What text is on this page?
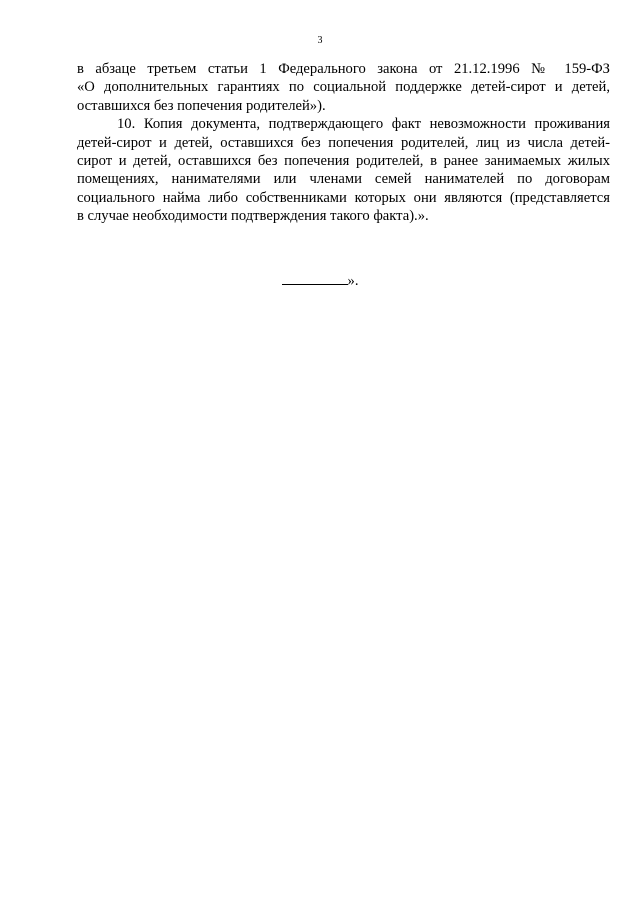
3

в абзаце третьем статьи 1 Федерального закона от 21.12.1996 № 159-ФЗ
«О дополнительных гарантиях по социальной поддержке детей-сирот и детей,
оставшихся без попечения родителей»).

10. Копия документа, подтверждающего факт невозможности проживания
детей-сирот и детей, оставшихся без попечения родителей, лиц из числа детей-
сирот и детей, оставшихся без попечения родителей, в ранее занимаемых жилых
помещениях, нанимателями или членами семей нанимателей по договорам
социального найма либо собственниками которых они являются (представляется
в случае необходимости подтверждения такого факта).».

».
